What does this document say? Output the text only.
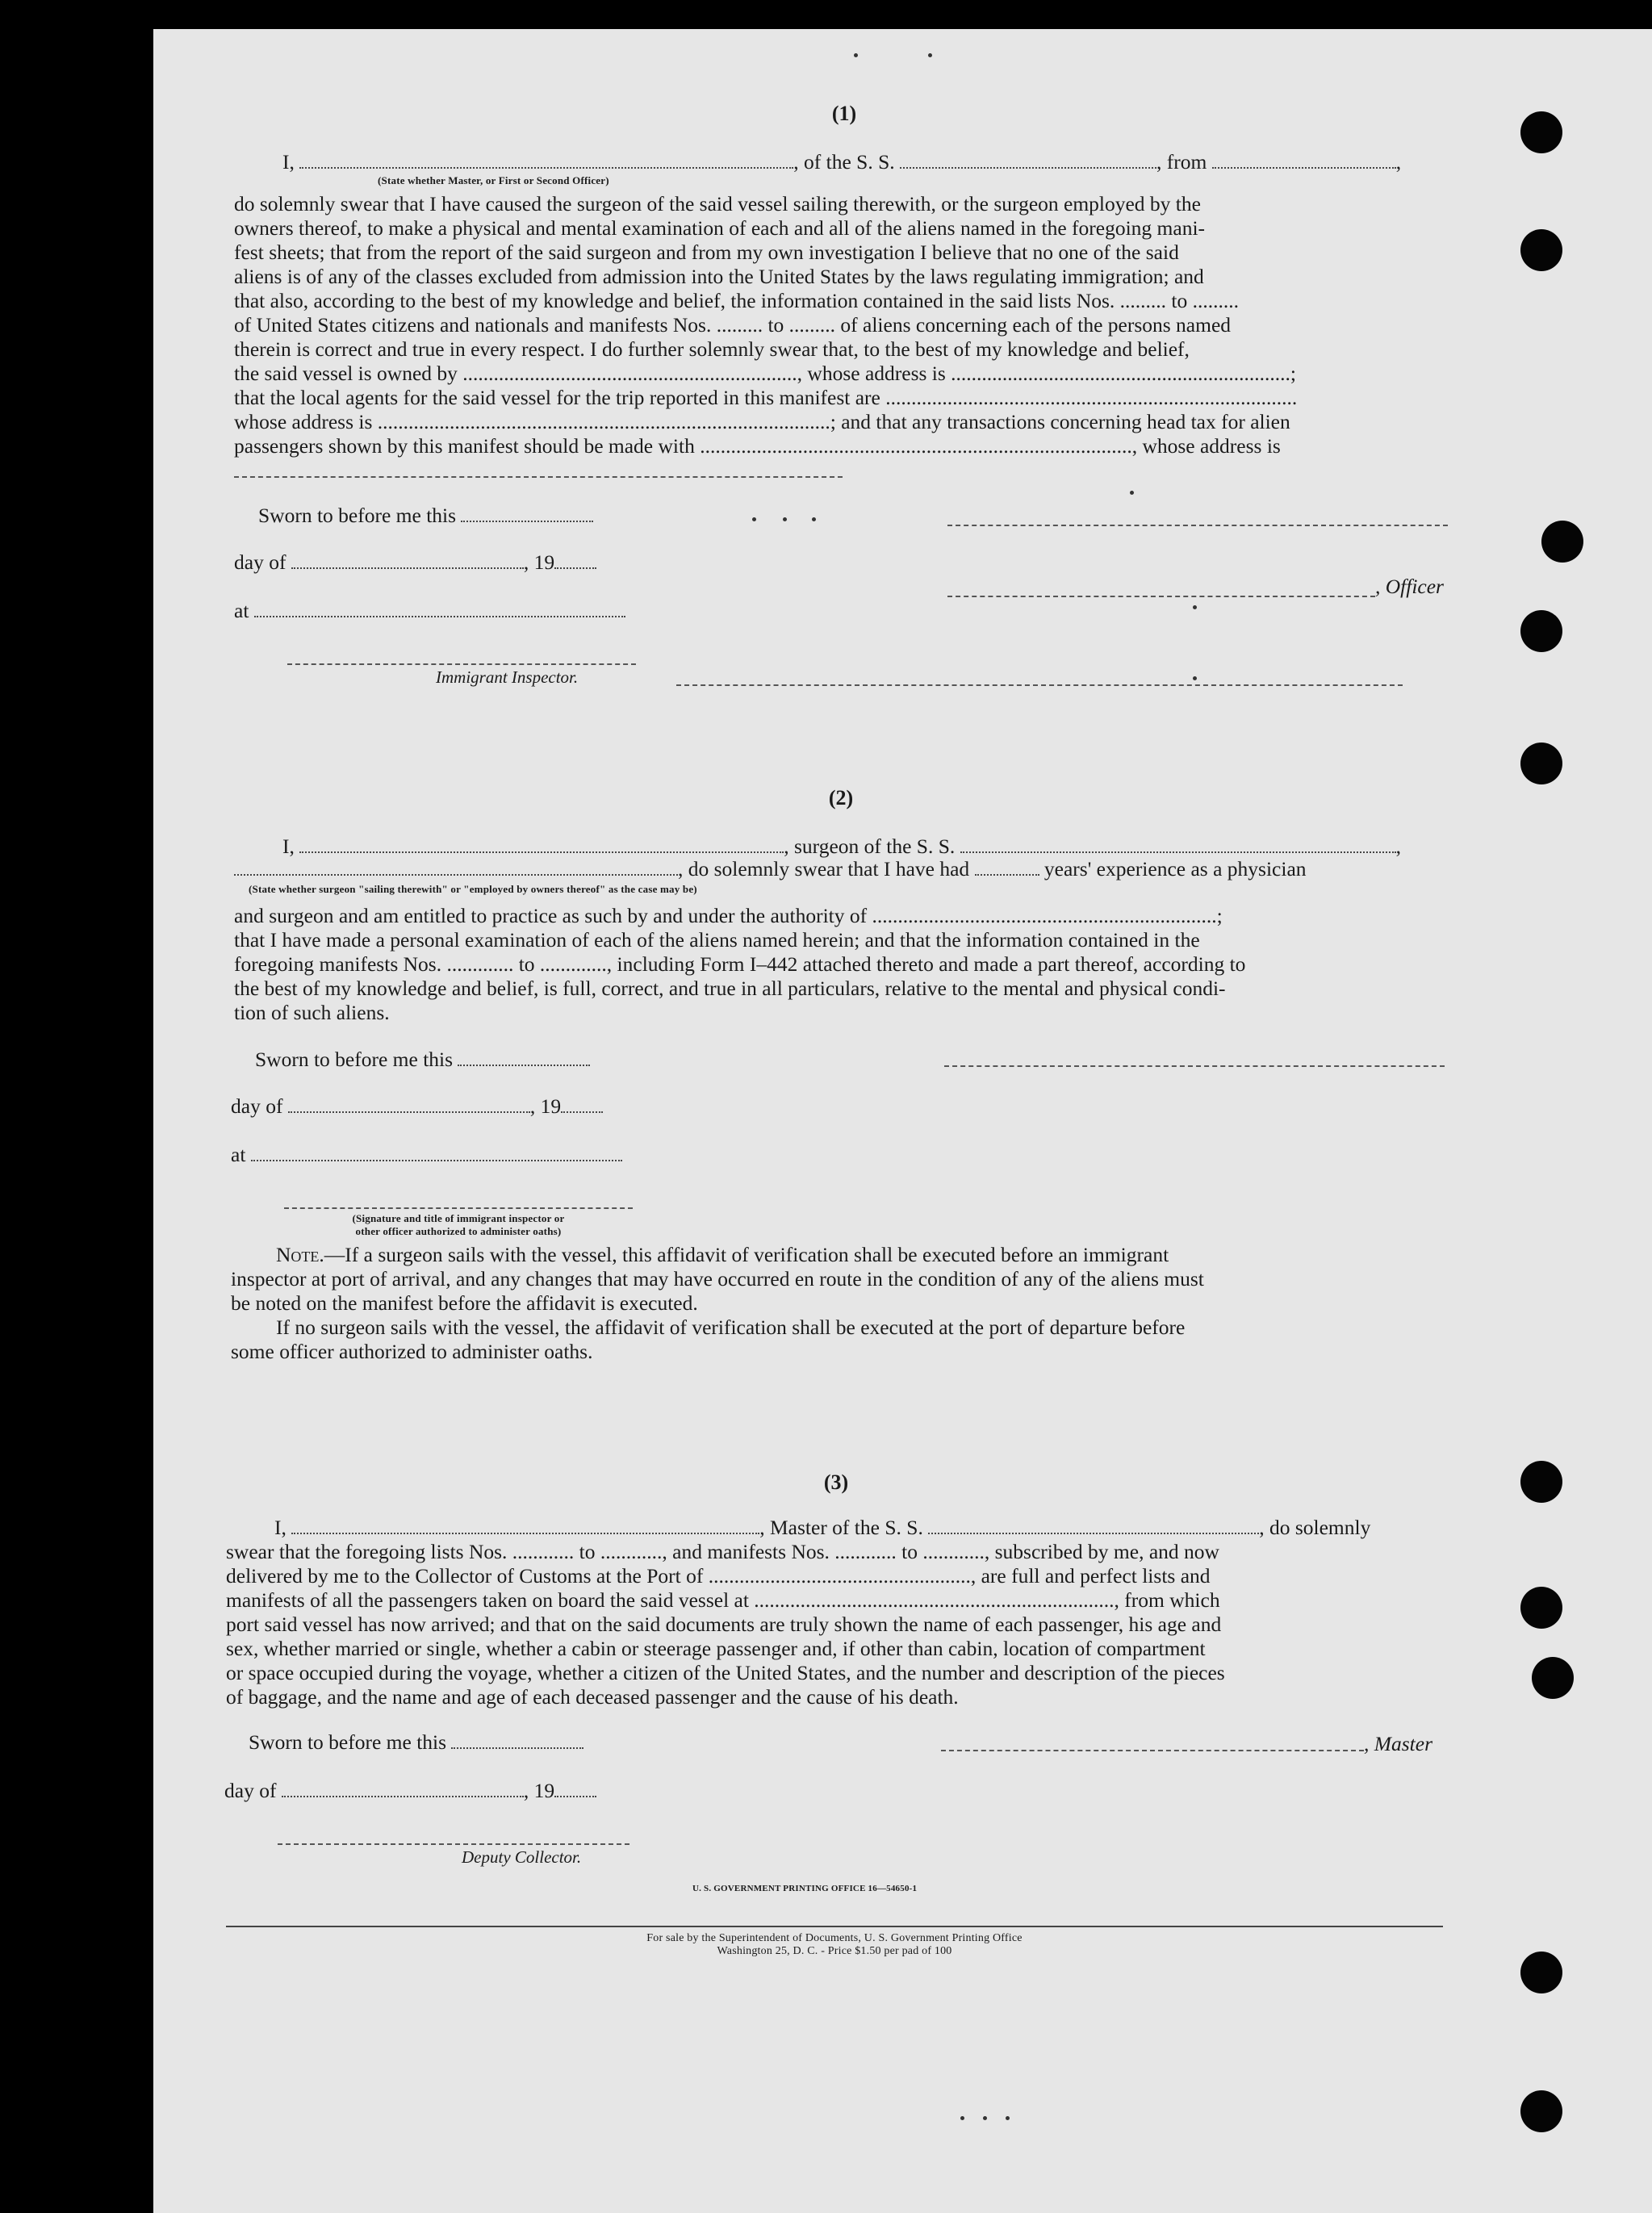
(1)
I,	, of the S. S.	, from	,
(State whether Master, or First or Second Officer)

do solemnly swear that I have caused the surgeon of the said vessel sailing therewith, or the surgeon employed by the

owners thereof, to make a physical and mental examination of each and all of the aliens named in the foregoing mani-

fest sheets; that from the report of the said surgeon and from my own investigation I believe that no one of the said

aliens is of any of the classes excluded from admission into the United States by the laws regulating immigration; and

that also, according to the best of my knowledge and belief, the information contained in the said lists Nos. ......... to .........

of United States citizens and nationals and manifests Nos. ......... to ......... of aliens concerning each of the persons named

therein is correct and true in every respect. I do further solemnly swear that, to the best of my knowledge and belief,

the said vessel is owned by ................................................................., whose address is ..................................................................;

that the local agents for the said vessel for the trip reported in this manifest are ................................................................................

whose address is ........................................................................................; and that any transactions concerning head tax for alien

passengers shown by this manifest should be made with ...................................................................................., whose address is

Sworn to before me this
day of	, 19
at
Immigrant Inspector.
, Officer
(2)
I,	, surgeon of the S. S.	,
, do solemnly swear that I have had	years' experience as a physician
(State whether surgeon "sailing therewith" or "employed by owners thereof" as the case may be)

and surgeon and am entitled to practice as such by and under the authority of ...................................................................;

that I have made a personal examination of each of the aliens named herein; and that the information contained in the

foregoing manifests Nos. ............. to ............., including Form I–442 attached thereto and made a part thereof, according to

the best of my knowledge and belief, is full, correct, and true in all particulars, relative to the mental and physical condi-

tion of such aliens.

Sworn to before me this
day of	, 19
at
(Signature and title of immigrant inspector or
other officer authorized to administer oaths)

Note.—If a surgeon sails with the vessel, this affidavit of verification shall be executed before an immigrant

inspector at port of arrival, and any changes that may have occurred en route in the condition of any of the aliens must

be noted on the manifest before the affidavit is executed.

If no surgeon sails with the vessel, the affidavit of verification shall be executed at the port of departure before

some officer authorized to administer oaths.

(3)
I,	, Master of the S. S.	, do solemnly

swear that the foregoing lists Nos. ............ to ............, and manifests Nos. ............ to ............, subscribed by me, and now

delivered by me to the Collector of Customs at the Port of ..................................................., are full and perfect lists and

manifests of all the passengers taken on board the said vessel at ......................................................................, from which

port said vessel has now arrived; and that on the said documents are truly shown the name of each passenger, his age and

sex, whether married or single, whether a cabin or steerage passenger and, if other than cabin, location of compartment

or space occupied during the voyage, whether a citizen of the United States, and the number and description of the pieces

of baggage, and the name and age of each deceased passenger and the cause of his death.

Sworn to before me this
day of	, 19
Deputy Collector.
, Master
U. S. GOVERNMENT PRINTING OFFICE 16—54650-1
For sale by the Superintendent of Documents, U. S. Government Printing Office
Washington 25, D. C. - Price $1.50 per pad of 100
